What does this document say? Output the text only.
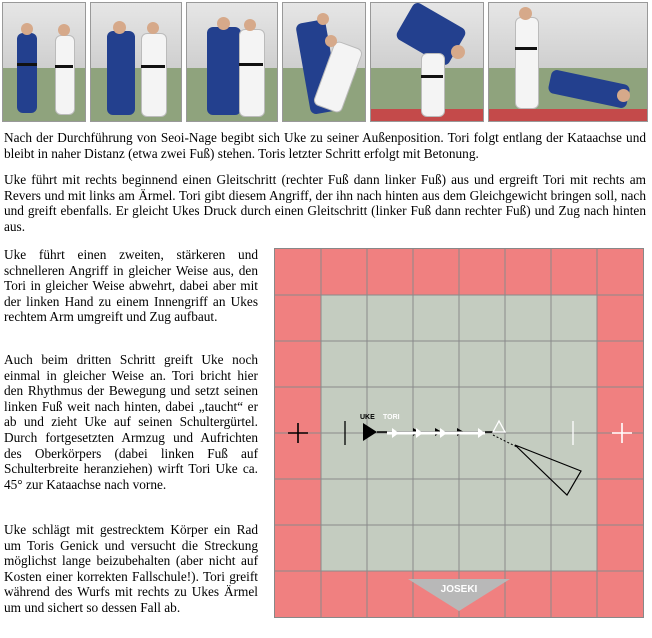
Nach der Durchführung von Seoi-Nage begibt sich Uke zu seiner Außenposition. Tori folgt entlang der Kataachse und bleibt in naher Distanz (etwa zwei Fuß) stehen. Toris letzter Schritt erfolgt mit Betonung.

Uke führt mit rechts beginnend einen Gleitschritt (rechter Fuß dann linker Fuß) aus und ergreift Tori mit rechts am Revers und mit links am Ärmel. Tori gibt diesem Angriff, der ihn nach hinten aus dem Gleichgewicht bringen soll, nach und greift ebenfalls. Er gleicht Ukes Druck durch einen Gleitschritt (linker Fuß dann rechter Fuß) und Zug nach hinten aus.

Uke führt einen zweiten, stärkeren und schnelleren Angriff in gleicher Weise aus, den Tori in gleicher Weise abwehrt, dabei aber mit der linken Hand zu einem Innengriff an Ukes rechtem Arm umgreift und Zug aufbaut.

Auch beim dritten Schritt greift Uke noch einmal in gleicher Weise an. Tori bricht hier den Rhythmus der Bewegung und setzt seinen linken Fuß weit nach hinten, dabei „taucht“ er ab und zieht Uke auf seinen Schultergürtel. Durch fortgesetzten Armzug und Aufrichten des Oberkörpers (dabei linken Fuß auf Schulterbreite heranziehen) wirft Tori Uke ca. 45° zur Kataachse nach vorne.

Uke schlägt mit gestrecktem Körper ein Rad um Toris Genick und versucht die Streckung möglichst lange beizubehalten (aber nicht auf Kosten einer korrekten Fallschule!). Tori greift während des Wurfs mit rechts zu Ukes Ärmel um und sichert so dessen Fall ab.

UKE TORI
JOSEKI
